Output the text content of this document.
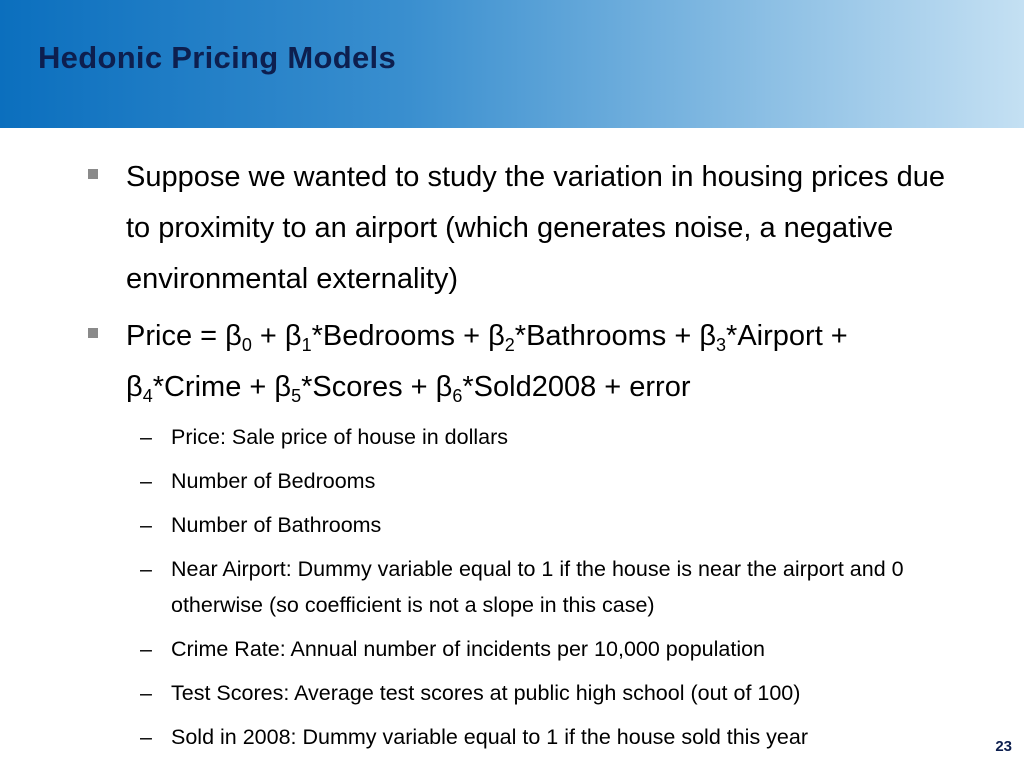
Hedonic Pricing Models
Suppose we wanted to study the variation in housing prices due to proximity to an airport (which generates noise, a negative environmental externality)
Price = $\beta_0$ + $\beta_1*Bedrooms$ + $\beta_2*Bathrooms$ + $\beta_3*Airport$ + $\beta_4*Crime$ + $\beta_5*Scores$ + $\beta_6*Sold2008$ + error
– Price: Sale price of house in dollars
– Number of Bedrooms
– Number of Bathrooms
– Near Airport: Dummy variable equal to 1 if the house is near the airport and 0 otherwise (so coefficient is not a slope in this case)
– Crime Rate: Annual number of incidents per 10,000 population
– Test Scores: Average test scores at public high school (out of 100)
– Sold in 2008: Dummy variable equal to 1 if the house sold this year	23
